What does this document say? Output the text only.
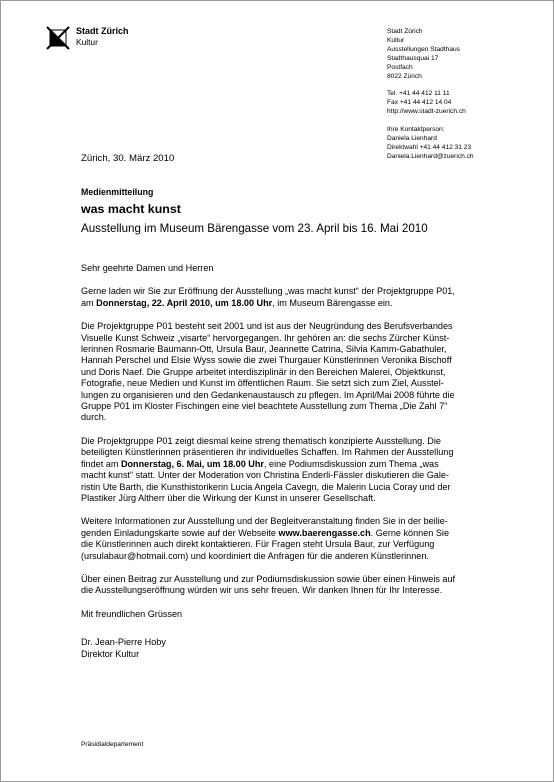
Stadt Zürich
Kultur
Stadt Zürich
Kultur
Ausstellungen Stadthaus
Stadthausquai 17
Postfach
8022 Zürich
Tel. +41 44 412 11 11
Fax +41 44 412 14 04
http://www.stadt-zuerich.ch
Ihre Kontaktperson:
Daniela Lienhard
Direktwahl +41 44 412 31 23
Daniela.Lienhard@zuerich.ch
Zürich, 30. März 2010
Medienmitteilung
was macht kunst
Ausstellung im Museum Bärengasse vom 23. April bis 16. Mai 2010

Sehr geehrte Damen und Herren

Gerne laden wir Sie zur Eröffnung der Ausstellung „was macht kunst“ der Projektgruppe P01,
am Donnerstag, 22. April 2010, um 18.00 Uhr, im Museum Bärengasse ein.

Die Projektgruppe P01 besteht seit 2001 und ist aus der Neugründung des Berufsverbandes
Visuelle Kunst Schweiz „visarte“ hervorgegangen. Ihr gehören an: die sechs Zürcher Künst-
lerinnen Rosmarie Baumann-Ott, Ursula Baur, Jeannette Catrina, Silvia Kamm-Gabathuler,
Hannah Perschel und Elsie Wyss sowie die zwei Thurgauer Künstlerinnen Veronika Bischoff
und Doris Naef. Die Gruppe arbeitet interdisziplinär in den Bereichen Malerei, Objektkunst,
Fotografie, neue Medien und Kunst im öffentlichen Raum. Sie setzt sich zum Ziel, Ausstel-
lungen zu organisieren und den Gedankenaustausch zu pflegen. Im April/Mai 2008 führte die
Gruppe P01 im Kloster Fischingen eine viel beachtete Ausstellung zum Thema „Die Zahl 7“
durch.

Die Projektgruppe P01 zeigt diesmal keine streng thematisch konzipierte Ausstellung. Die
beteiligten Künstlerinnen präsentieren ihr individuelles Schaffen. Im Rahmen der Ausstellung
findet am Donnerstag, 6. Mai, um 18.00 Uhr, eine Podiumsdiskussion zum Thema „was
macht kunst“ statt. Unter der Moderation von Christina Enderli-Fässler diskutieren die Gale-
ristin Ute Barth, die Kunsthistorikerin Lucia Angela Cavegn, die Malerin Lucia Coray und der
Plastiker Jürg Altherr über die Wirkung der Kunst in unserer Gesellschaft.

Weitere Informationen zur Ausstellung und der Begleitveranstaltung finden Sie in der beilie-
genden Einladungskarte sowie auf der Webseite www.baerengasse.ch. Gerne können Sie
die Künstlerinnen auch direkt kontaktieren. Für Fragen steht Ursula Baur, zur Verfügung
(ursulabaur@hotmail.com) und koordiniert die Anfragen für die anderen Künstlerinnen.

Über einen Beitrag zur Ausstellung und zur Podiumsdiskussion sowie über einen Hinweis auf
die Ausstellungseröffnung würden wir uns sehr freuen. Wir danken Ihnen für Ihr Interesse.

Mit freundlichen Grüssen

Dr. Jean-Pierre Hoby
Direktor Kultur
Präsidialdepartement
